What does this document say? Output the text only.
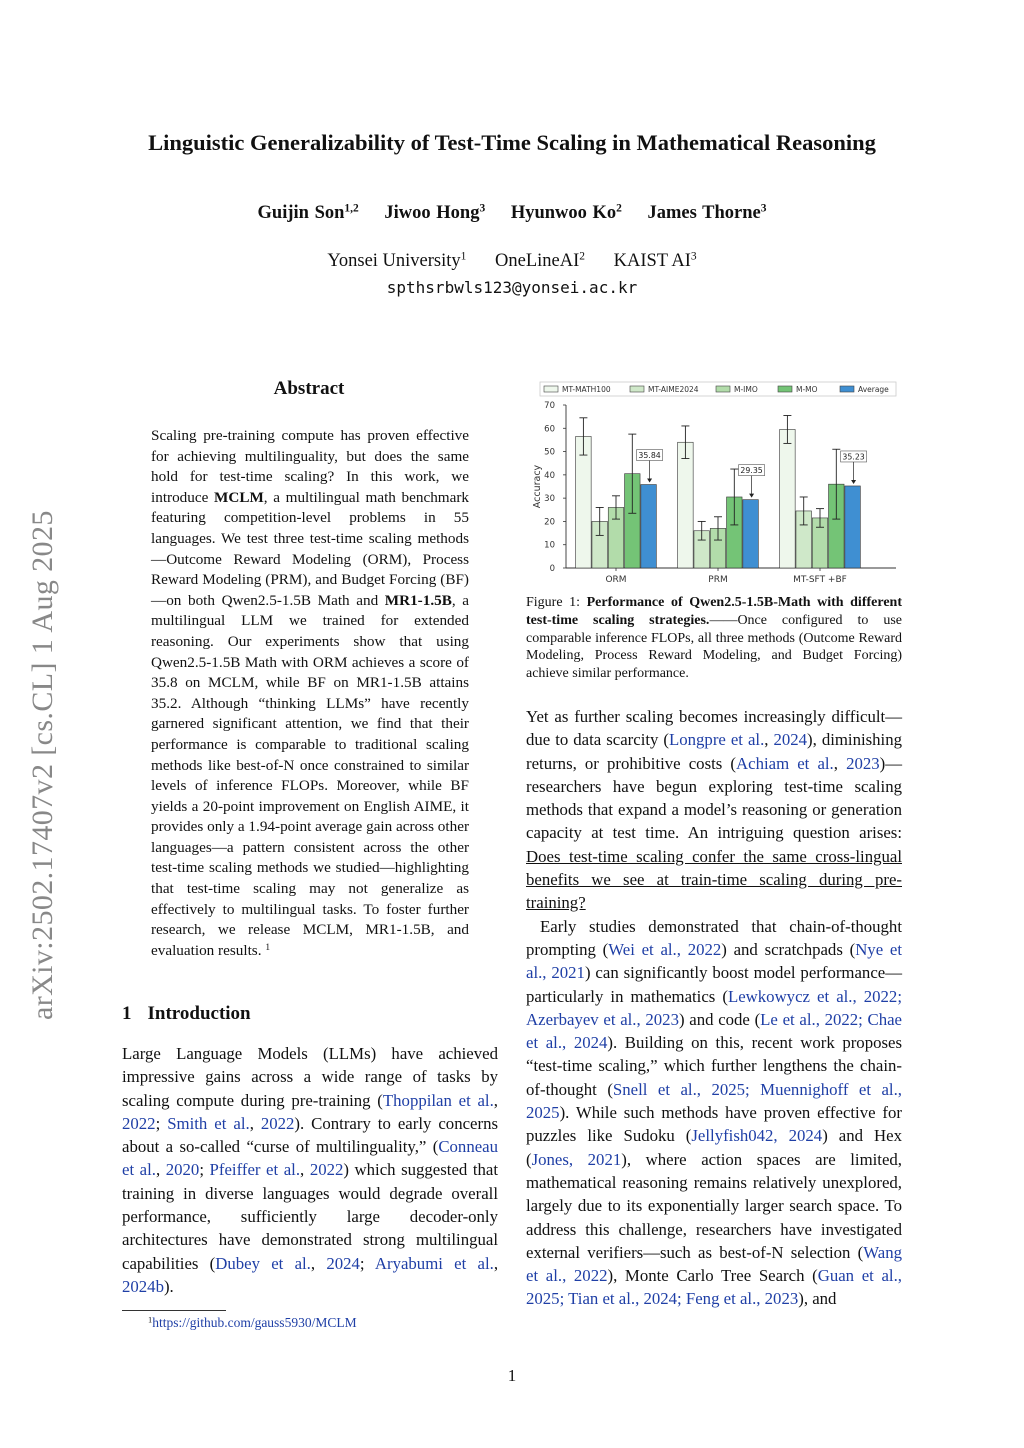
Linguistic Generalizability of Test-Time Scaling in Mathematical Reasoning
Guijin Son$^{1,2}$ Jiwoo Hong$^3$ Hyunwoo Ko$^2$ James Thorne$^3$
Yonsei University$^1$ OneLineAI$^2$ KAIST $AI^3$
spthsrbwls123@yonsei.ac.kr
arXiv:2502.17407v2 [cs.CL] 1 Aug 2025
Abstract
Scaling pre-training compute has proven effective for achieving multilinguality, but does the same hold for test-time scaling? In this work, we introduce MCLM, a multilingual math benchmark featuring competition-level problems in 55 languages. We test three test-time scaling methods—Outcome Reward Modeling (ORM), Process Reward Modeling (PRM), and Budget Forcing (BF)—on both Qwen2.5-1.5B Math and MR1-1.5B, a multilingual LLM we trained for extended reasoning. Our experiments show that using Qwen2.5-1.5B Math with ORM achieves a score of 35.8 on MCLM, while BF on MR1-1.5B attains 35.2. Although “thinking LLMs” have recently garnered significant attention, we find that their performance is comparable to traditional scaling methods like best-of-N once constrained to similar levels of inference FLOPs. Moreover, while BF yields a 20-point improvement on English AIME, it provides only a 1.94-point average gain across other languages—a pattern consistent across the other test-time scaling methods we studied—highlighting that test-time scaling may not generalize as effectively to multilingual tasks. To foster further research, we release MCLM, MR1-1.5B, and evaluation results. $^1$
1 Introduction
Large Language Models (LLMs) have achieved impressive gains across a wide range of tasks by scaling compute during pre-training (Thoppilan et al., 2022; Smith et al., 2022). Contrary to early concerns about a so-called “curse of multilinguality,” (Conneau et al., 2020; Pfeiffer et al., 2022) which suggested that training in diverse languages would degrade overall performance, sufficiently large decoder-only architectures have demonstrated strong multilingual capabilities (Dubey et al., 2024; Aryabumi et al., 2024b).
$^1$https://github.com/gauss5930/MCLM
1
MT-MATH100	MT-AIME2024	M-IMO	M-MO	Average
0
10
20
30
40
50
60
70
Accuracy
ORM	PRM	MT-SFT +BF
35.84
29.35
35.23
Figure 1: Performance of Qwen2.5-1.5B-Math with different test-time scaling strategies.——Once configured to use comparable inference FLOPs, all three methods (Outcome Reward Modeling, Process Reward Modeling, and Budget Forcing) achieve similar performance.

Yet as further scaling becomes increasingly difficult—due to data scarcity (Longpre et al., 2024), diminishing returns, or prohibitive costs (Achiam et al., 2023)—researchers have begun exploring test-time scaling methods that expand a model’s reasoning or generation capacity at test time. An intriguing question arises: Does test-time scaling confer the same cross-lingual benefits we see at train-time scaling during pre-training?

Early studies demonstrated that chain-of-thought prompting (Wei et al., 2022) and scratchpads (Nye et al., 2021) can significantly boost model performance—particularly in mathematics (Lewkowycz et al., 2022; Azerbayev et al., 2023) and code (Le et al., 2022; Chae et al., 2024). Building on this, recent work proposes “test-time scaling,” which further lengthens the chain-of-thought (Snell et al., 2025; Muennighoff et al., 2025). While such methods have proven effective for puzzles like Sudoku (Jellyfish042, 2024) and Hex (Jones, 2021), where action spaces are limited, mathematical reasoning remains relatively unexplored, largely due to its exponentially larger search space. To address this challenge, researchers have investigated external verifiers—such as best-of-N selection (Wang et al., 2022), Monte Carlo Tree Search (Guan et al., 2025; Tian et al., 2024; Feng et al., 2023), and
